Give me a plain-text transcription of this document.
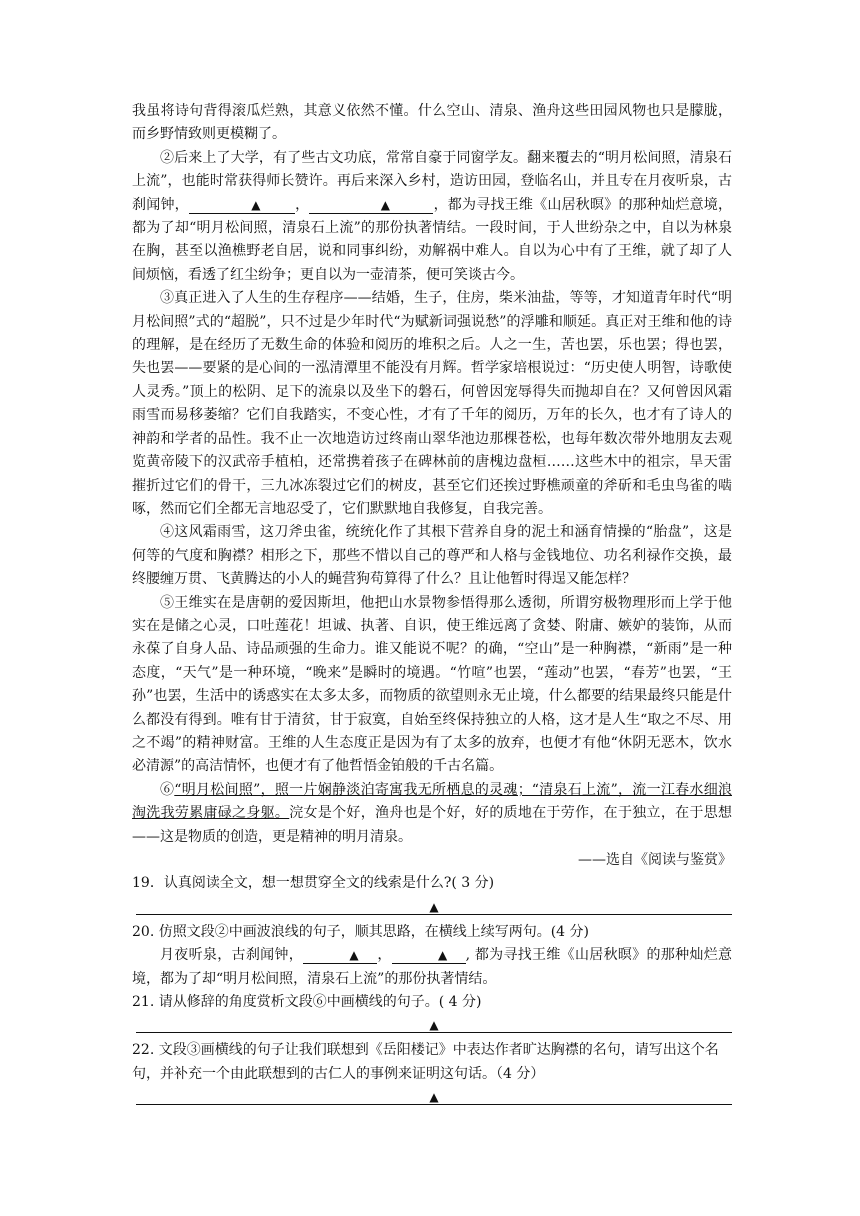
我虽将诗句背得滚瓜烂熟，其意义依然不懂。什么空山、清泉、渔舟这些田园风物也只是朦胧，而乡野情致则更模糊了。

②后来上了大学，有了些古文功底，常常自豪于同窗学友。翻来覆去的“明月松间照，清泉石上流”，也能时常获得师长赞许。再后来深入乡村，造访田园，登临名山，并且专在月夜听泉，古刹闻钟，	▲ ，	▲	，都为寻找王维《山居秋暝》的那种灿烂意境，都为了却“明月松间照，清泉石上流”的那份执著情结。一段时间，于人世纷杂之中，自以为林泉在胸，甚至以渔樵野老自居，说和同事纠纷，劝解祸中难人。自以为心中有了王维，就了却了人间烦恼，看透了红尘纷争；更自以为一壶清茶，便可笑谈古今。

③真正进入了人生的生存程序——结婚，生子，住房，柴米油盐，等等，才知道青年时代“明月松间照”式的“超脱”，只不过是少年时代“为赋新词强说愁”的浮雕和顺延。真正对王维和他的诗的理解，是在经历了无数生命的体验和阅历的堆积之后。人之一生，苦也罢，乐也罢；得也罢，失也罢——要紧的是心间的一泓清潭里不能没有月辉。哲学家培根说过：“历史使人明智，诗歌使人灵秀。”顶上的松阴、足下的流泉以及坐下的磐石，何曾因宠辱得失而抛却自在？又何曾因风霜雨雪而易移萎缩？它们自我踏实，不变心性，才有了千年的阅历，万年的长久，也才有了诗人的神韵和学者的品性。我不止一次地造访过终南山翠华池边那棵苍松，也每年数次带外地朋友去观览黄帝陵下的汉武帝手植柏，还常携着孩子在碑林前的唐槐边盘桓……这些木中的祖宗，旱天雷摧折过它们的骨干，三九冰冻裂过它们的树皮，甚至它们还挨过野樵顽童的斧斫和毛虫鸟雀的啮啄，然而它们全都无言地忍受了，它们默默地自我修复，自我完善。

④这风霜雨雪，这刀斧虫雀，统统化作了其根下营养自身的泥土和涵育情操的“胎盘”，这是何等的气度和胸襟？相形之下，那些不惜以自己的尊严和人格与金钱地位、功名利禄作交换，最终腰缠万贯、飞黄腾达的小人的蝇营狗苟算得了什么？且让他暂时得逞又能怎样？

⑤王维实在是唐朝的爱因斯坦，他把山水景物参悟得那么透彻，所谓穷极物理形而上学于他实在是储之心灵，口吐莲花！坦诚、执著、自识，使王维远离了贪婪、附庸、嫉妒的装饰，从而永葆了自身人品、诗品顽强的生命力。谁又能说不呢？的确，“空山”是一种胸襟，“新雨”是一种态度，“天气”是一种环境，“晚来”是瞬时的境遇。“竹喧”也罢，“莲动”也罢，“春芳”也罢，“王孙”也罢，生活中的诱惑实在太多太多，而物质的欲望则永无止境，什么都要的结果最终只能是什么都没有得到。唯有甘于清贫，甘于寂寞，自始至终保持独立的人格，这才是人生“取之不尽、用之不竭”的精神财富。王维的人生态度正是因为有了太多的放弃，也便才有他“休阴无恶木，饮水必清源”的高洁情怀，也便才有了他哲悟金铂般的千古名篇。

⑥“明月松间照”，照一片娴静淡泊寄寓我无所栖息的灵魂；“清泉石上流”，流一江春水细浪淘洗我劳累庸碌之身躯。浣女是个好，渔舟也是个好，好的质地在于劳作，在于独立，在于思想——这是物质的创造，更是精神的明月清泉。

——选自《阅读与鉴赏》
19．认真阅读全文，想一想贯穿全文的线索是什么?( 3 分)
▲
20. 仿照文段②中画波浪线的句子，顺其思路，在横线上续写两句。(4 分)

月夜听泉，古刹闻钟，	▲ ，	▲ , 都为寻找王维《山居秋暝》的那种灿烂意境，都为了却“明月松间照，清泉石上流”的那份执著情结。

21. 请从修辞的角度赏析文段⑥中画横线的句子。( 4 分)
▲
22. 文段③画横线的句子让我们联想到《岳阳楼记》中表达作者旷达胸襟的名句，请写出这个名句，并补充一个由此联想到的古仁人的事例来证明这句话。（4 分）
▲
